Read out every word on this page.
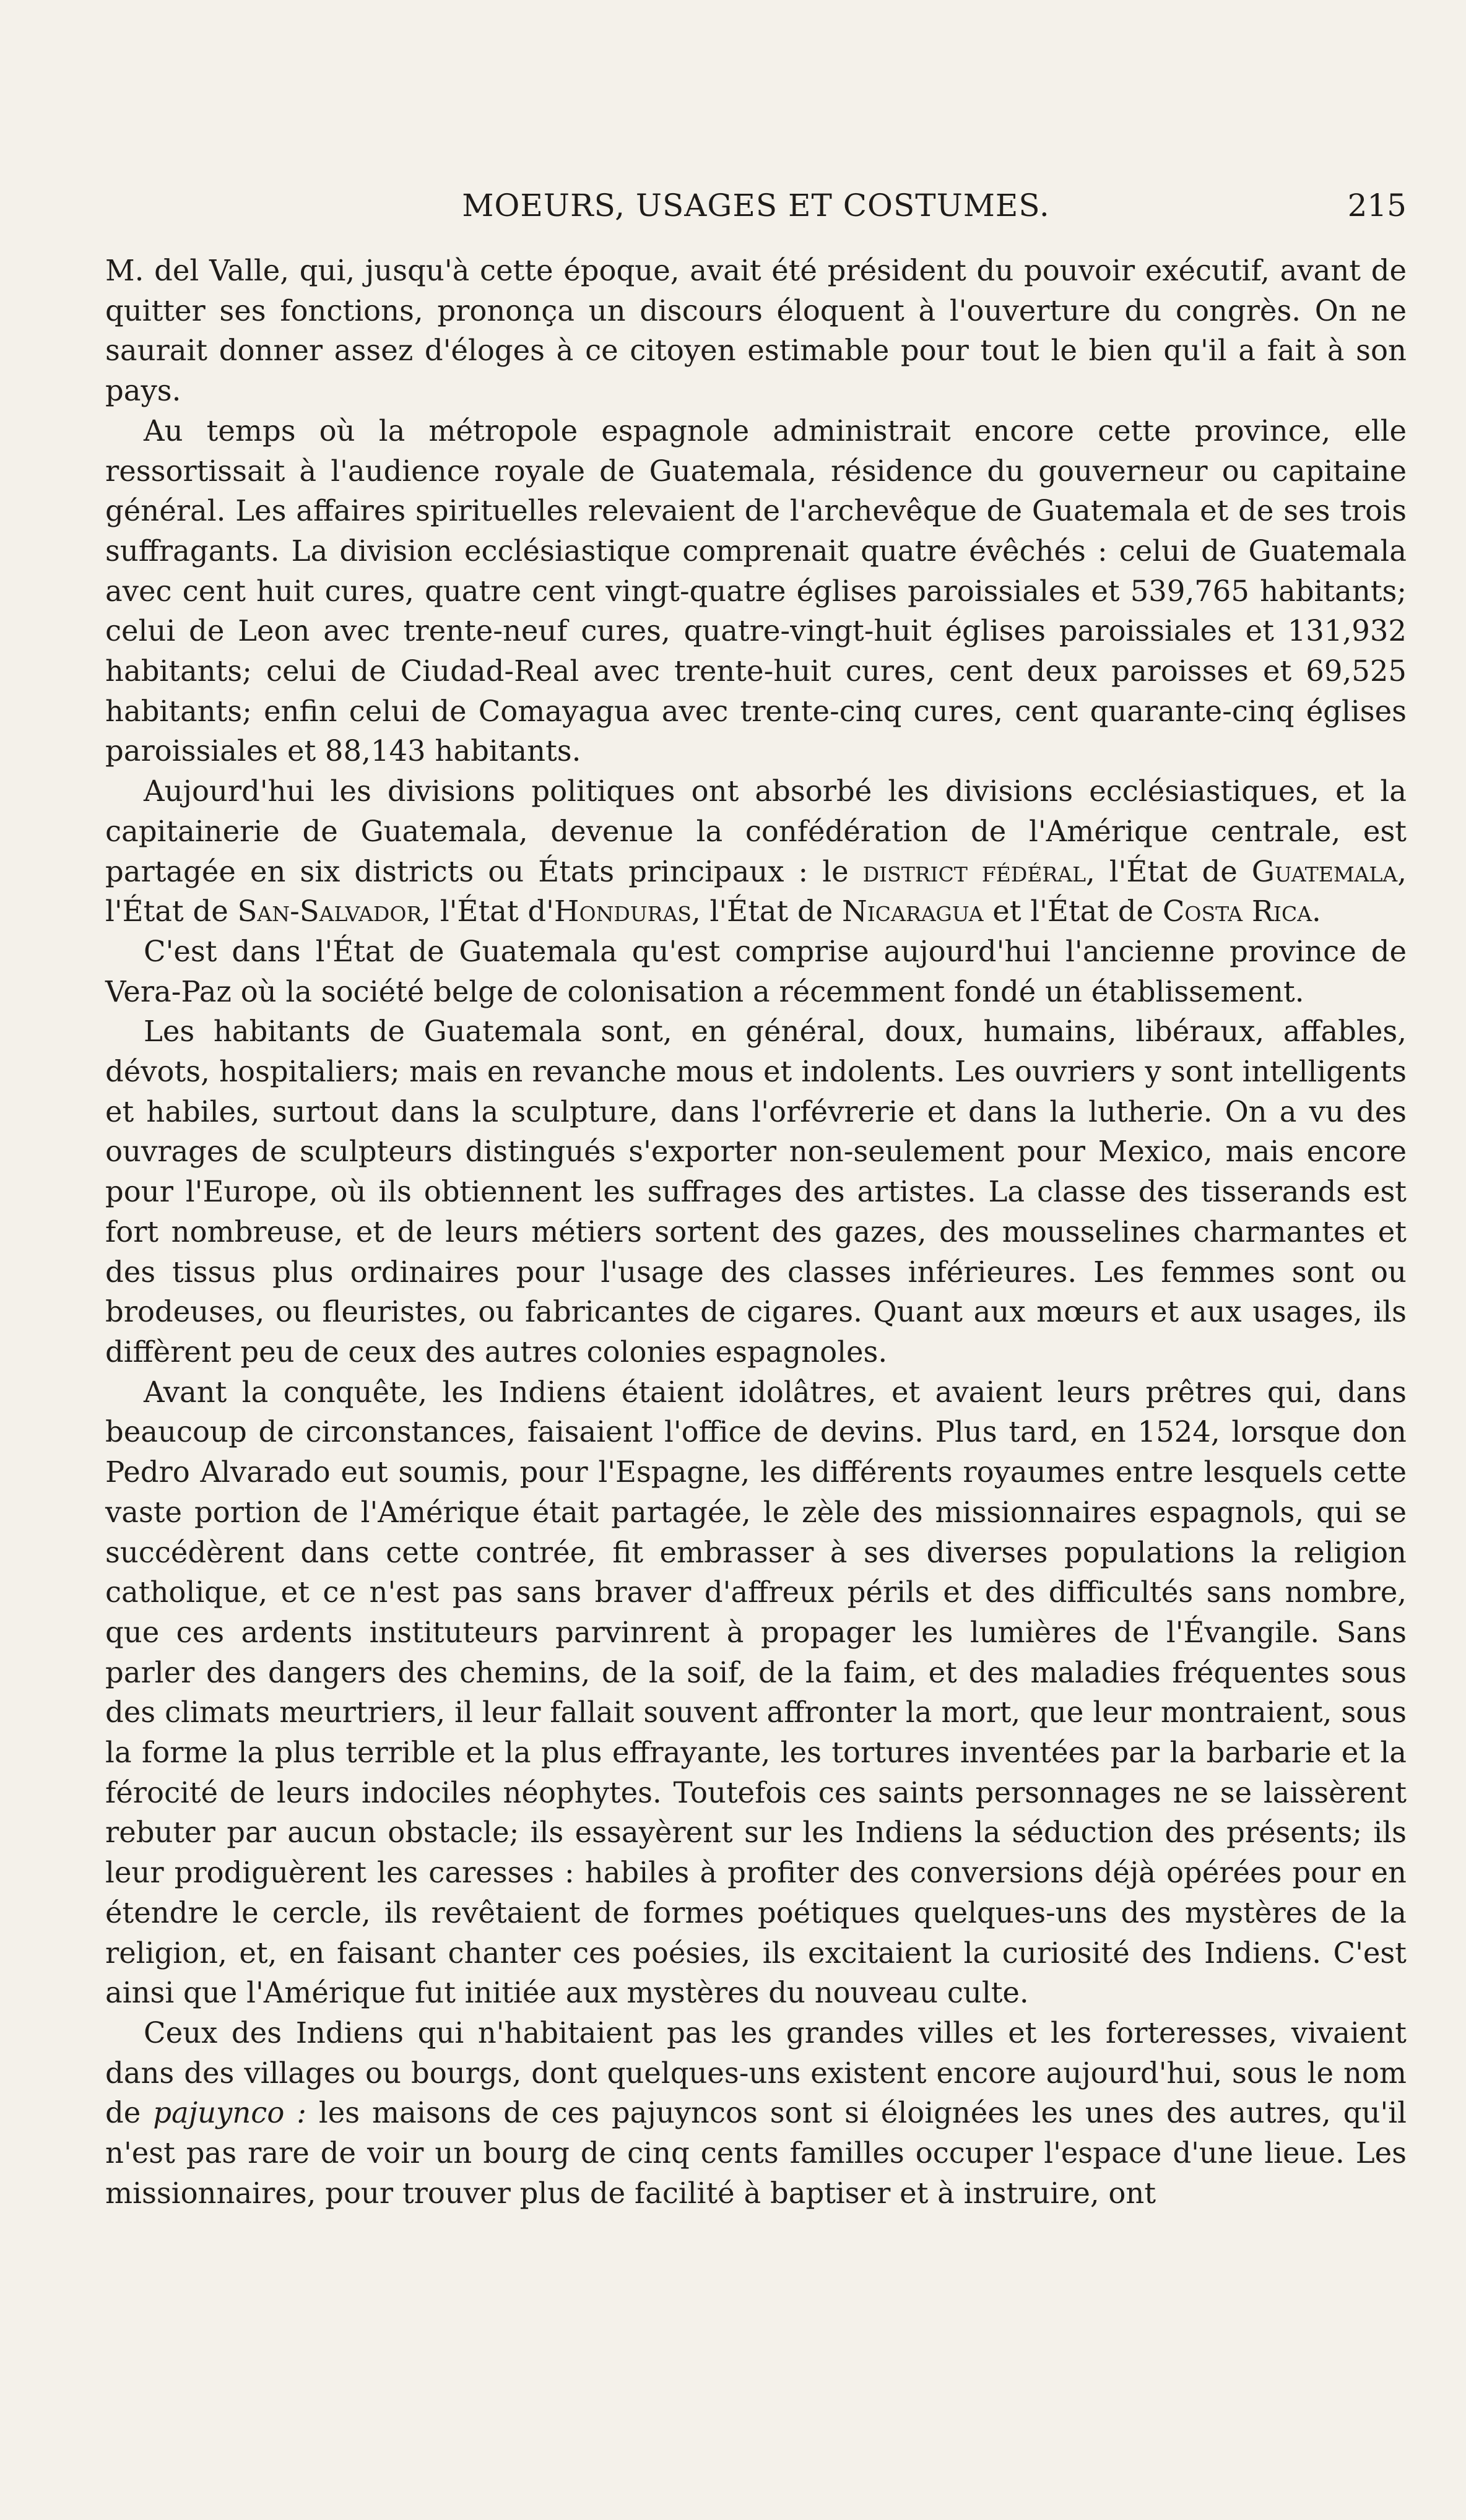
MOEURS, USAGES ET COSTUMES.	215

M. del Valle, qui, jusqu'à cette époque, avait été président du pouvoir exécutif, avant de quitter ses fonctions, prononça un discours éloquent à l'ouverture du congrès. On ne saurait donner assez d'éloges à ce citoyen estimable pour tout le bien qu'il a fait à son pays.

Au temps où la métropole espagnole administrait encore cette province, elle ressortissait à l'audience royale de Guatemala, résidence du gouverneur ou capitaine général. Les affaires spirituelles relevaient de l'archevêque de Guatemala et de ses trois suffragants. La division ecclésiastique comprenait quatre évêchés : celui de Guatemala avec cent huit cures, quatre cent vingt-quatre églises paroissiales et 539,765 habitants; celui de Leon avec trente-neuf cures, quatre-vingt-huit églises paroissiales et 131,932 habitants; celui de Ciudad-Real avec trente-huit cures, cent deux paroisses et 69,525 habitants; enfin celui de Comayagua avec trente-cinq cures, cent quarante-cinq églises paroissiales et 88,143 habitants.

Aujourd'hui les divisions politiques ont absorbé les divisions ecclésiastiques, et la capitainerie de Guatemala, devenue la confédération de l'Amérique centrale, est partagée en six districts ou États principaux : le district fédéral, l'État de Guatemala, l'État de San-Salvador, l'État d'Honduras, l'État de Nicaragua et l'État de Costa Rica.

C'est dans l'État de Guatemala qu'est comprise aujourd'hui l'ancienne province de Vera-Paz où la société belge de colonisation a récemment fondé un établissement.

Les habitants de Guatemala sont, en général, doux, humains, libéraux, affables, dévots, hospitaliers; mais en revanche mous et indolents. Les ouvriers y sont intelligents et habiles, surtout dans la sculpture, dans l'orfévrerie et dans la lutherie. On a vu des ouvrages de sculpteurs distingués s'exporter non-seulement pour Mexico, mais encore pour l'Europe, où ils obtiennent les suffrages des artistes. La classe des tisserands est fort nombreuse, et de leurs métiers sortent des gazes, des mousselines charmantes et des tissus plus ordinaires pour l'usage des classes inférieures. Les femmes sont ou brodeuses, ou fleuristes, ou fabricantes de cigares. Quant aux mœurs et aux usages, ils diffèrent peu de ceux des autres colonies espagnoles.

Avant la conquête, les Indiens étaient idolâtres, et avaient leurs prêtres qui, dans beaucoup de circonstances, faisaient l'office de devins. Plus tard, en 1524, lorsque don Pedro Alvarado eut soumis, pour l'Espagne, les différents royaumes entre lesquels cette vaste portion de l'Amérique était partagée, le zèle des missionnaires espagnols, qui se succédèrent dans cette contrée, fit embrasser à ses diverses populations la religion catholique, et ce n'est pas sans braver d'affreux périls et des difficultés sans nombre, que ces ardents instituteurs parvinrent à propager les lumières de l'Évangile. Sans parler des dangers des chemins, de la soif, de la faim, et des maladies fréquentes sous des climats meurtriers, il leur fallait souvent affronter la mort, que leur montraient, sous la forme la plus terrible et la plus effrayante, les tortures inventées par la barbarie et la férocité de leurs indociles néophytes. Toutefois ces saints personnages ne se laissèrent rebuter par aucun obstacle; ils essayèrent sur les Indiens la séduction des présents; ils leur prodiguèrent les caresses : habiles à profiter des conversions déjà opérées pour en étendre le cercle, ils revêtaient de formes poétiques quelques-uns des mystères de la religion, et, en faisant chanter ces poésies, ils excitaient la curiosité des Indiens. C'est ainsi que l'Amérique fut initiée aux mystères du nouveau culte.

Ceux des Indiens qui n'habitaient pas les grandes villes et les forteresses, vivaient dans des villages ou bourgs, dont quelques-uns existent encore aujourd'hui, sous le nom de pajuynco : les maisons de ces pajuyncos sont si éloignées les unes des autres, qu'il n'est pas rare de voir un bourg de cinq cents familles occuper l'espace d'une lieue. Les missionnaires, pour trouver plus de facilité à baptiser et à instruire, ont
